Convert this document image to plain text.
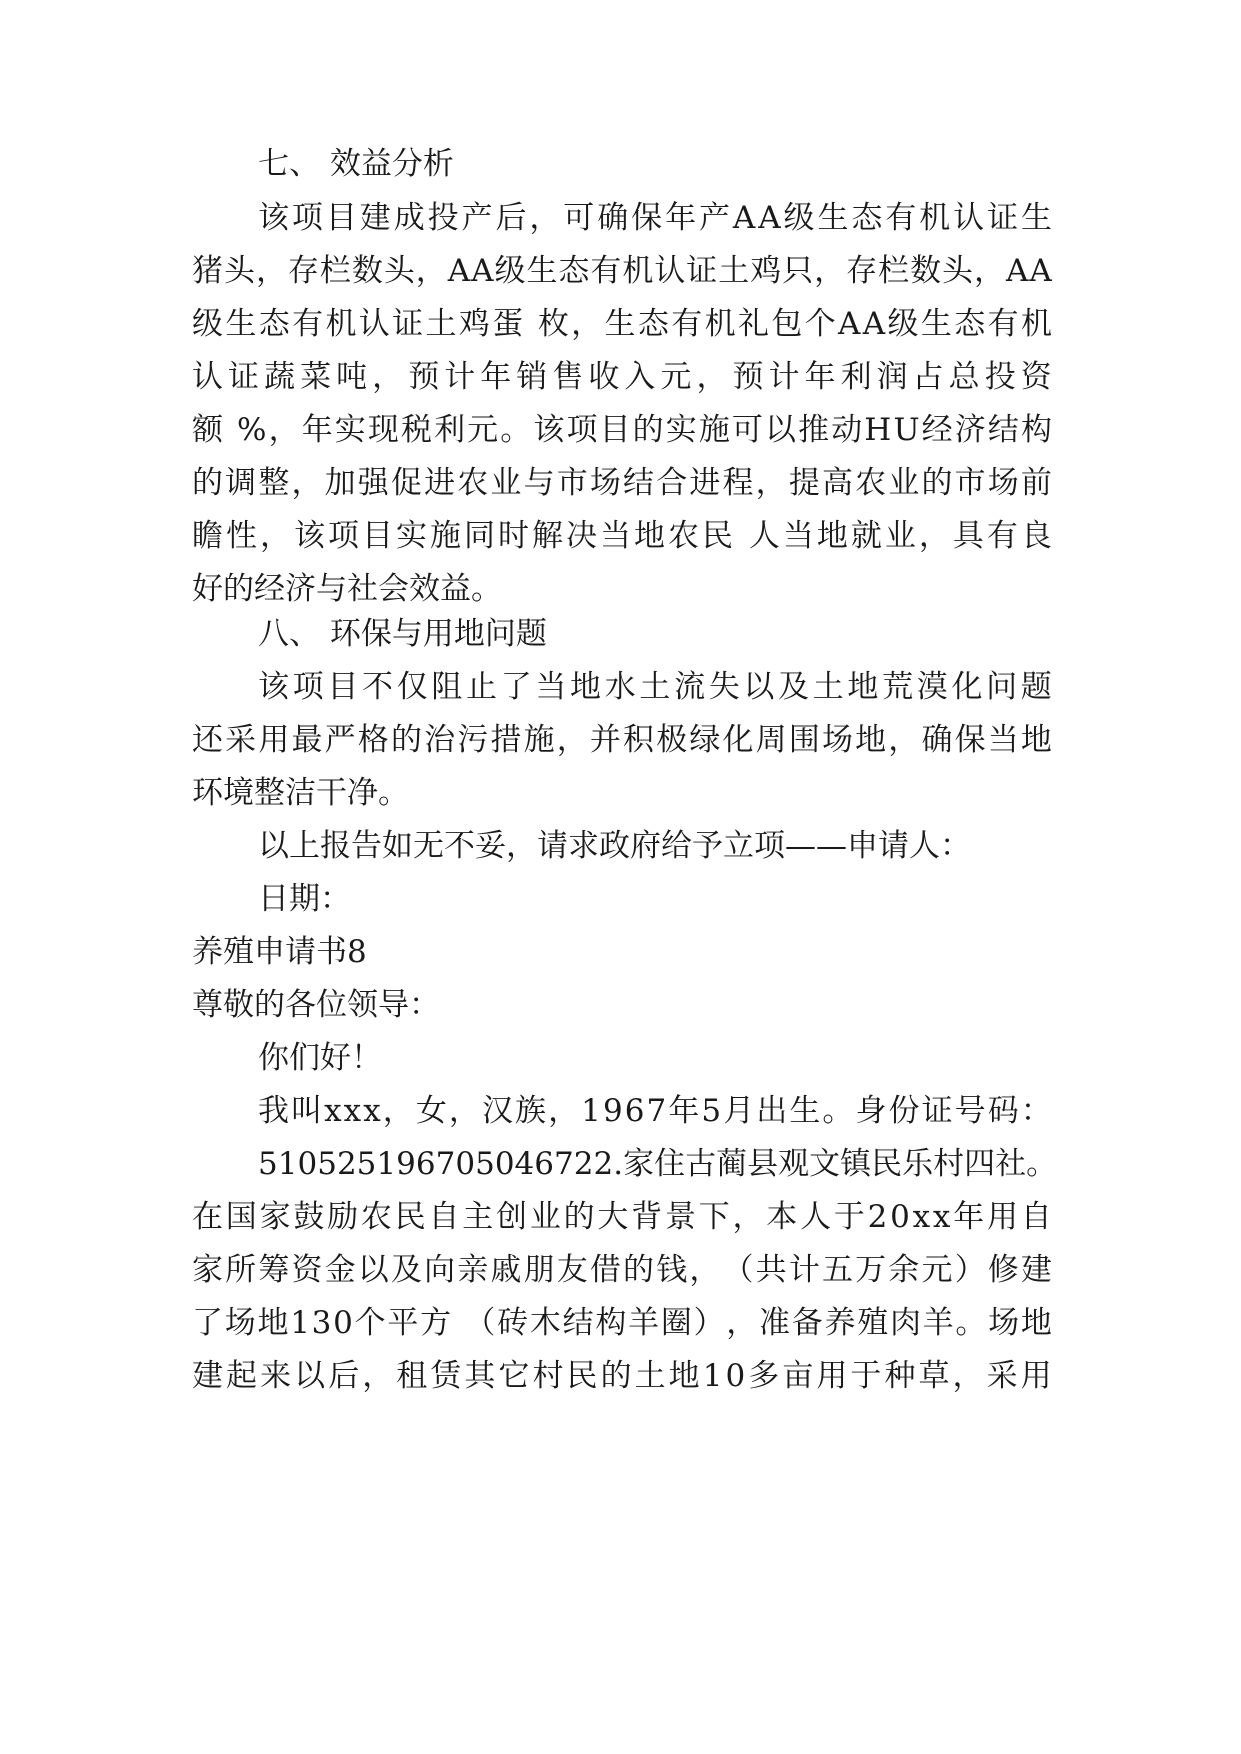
七、 效益分析
该 项 目 建 成 投 产 后 ， 可 确 保 年 产 A A 级 生 态 有 机 认 证 生
猪 头 ， 存 栏 数 头 ， A A 级 生 态 有 机 认 证 土 鸡 只 ， 存 栏 数 头 ， A A
级 生 态 有 机 认 证 土 鸡 蛋
枚 ， 生 态 有 机 礼 包 个 A A 级 生 态 有 机
认 证 蔬 菜 吨 ， 预 计 年 销 售 收 入 元 ， 预 计 年 利 润 占 总 投 资
额
% ， 年 实 现 税 利 元 。 该 项 目 的 实 施 可 以 推 动 H U 经 济 结 构
的 调 整 ， 加 强 促 进 农 业 与 市 场 结 合 进 程 ， 提 高 农 业 的 市 场 前
瞻 性 ， 该 项 目 实 施 同 时 解 决 当 地 农 民
人 当 地 就 业 ， 具 有 良
好的经济与社会效益。
八、 环保与用地问题
该 项 目 不 仅 阻 止 了 当 地 水 土 流 失 以 及 土 地 荒 漠 化 问 题
还 采 用 最 严 格 的 治 污 措 施 ， 并 积 极 绿 化 周 围 场 地 ， 确 保 当 地
环境整洁干净。
以上报告如无不妥，请求政府给予立项——申请人：
日期：
养殖申请书8
尊敬的各位领导：
你们好！
我 叫 x x x ， 女 ， 汉 族 ， 1 9 6 7 年 5 月 出 生 。 身 份 证 号 码 ：
5 1 0 5 2 5 1 9 6 7 0 5 0 4 6 7 2 2 . 家 住 古 蔺 县 观 文 镇 民 乐 村 四 社 。
在 国 家 鼓 励 农 民 自 主 创 业 的 大 背 景 下 ， 本 人 于 2 0 x x 年 用 自
家 所 筹 资 金 以 及 向 亲 戚 朋 友 借 的 钱 ， （ 共 计 五 万 余 元 ） 修 建
了 场 地 1 3 0 个 平 方
（ 砖 木 结 构 羊 圈 ） ， 准 备 养 殖 肉 羊 。 场 地
建 起 来 以 后 ， 租 赁 其 它 村 民 的 土 地 1 0 多 亩 用 于 种 草 ， 采 用
